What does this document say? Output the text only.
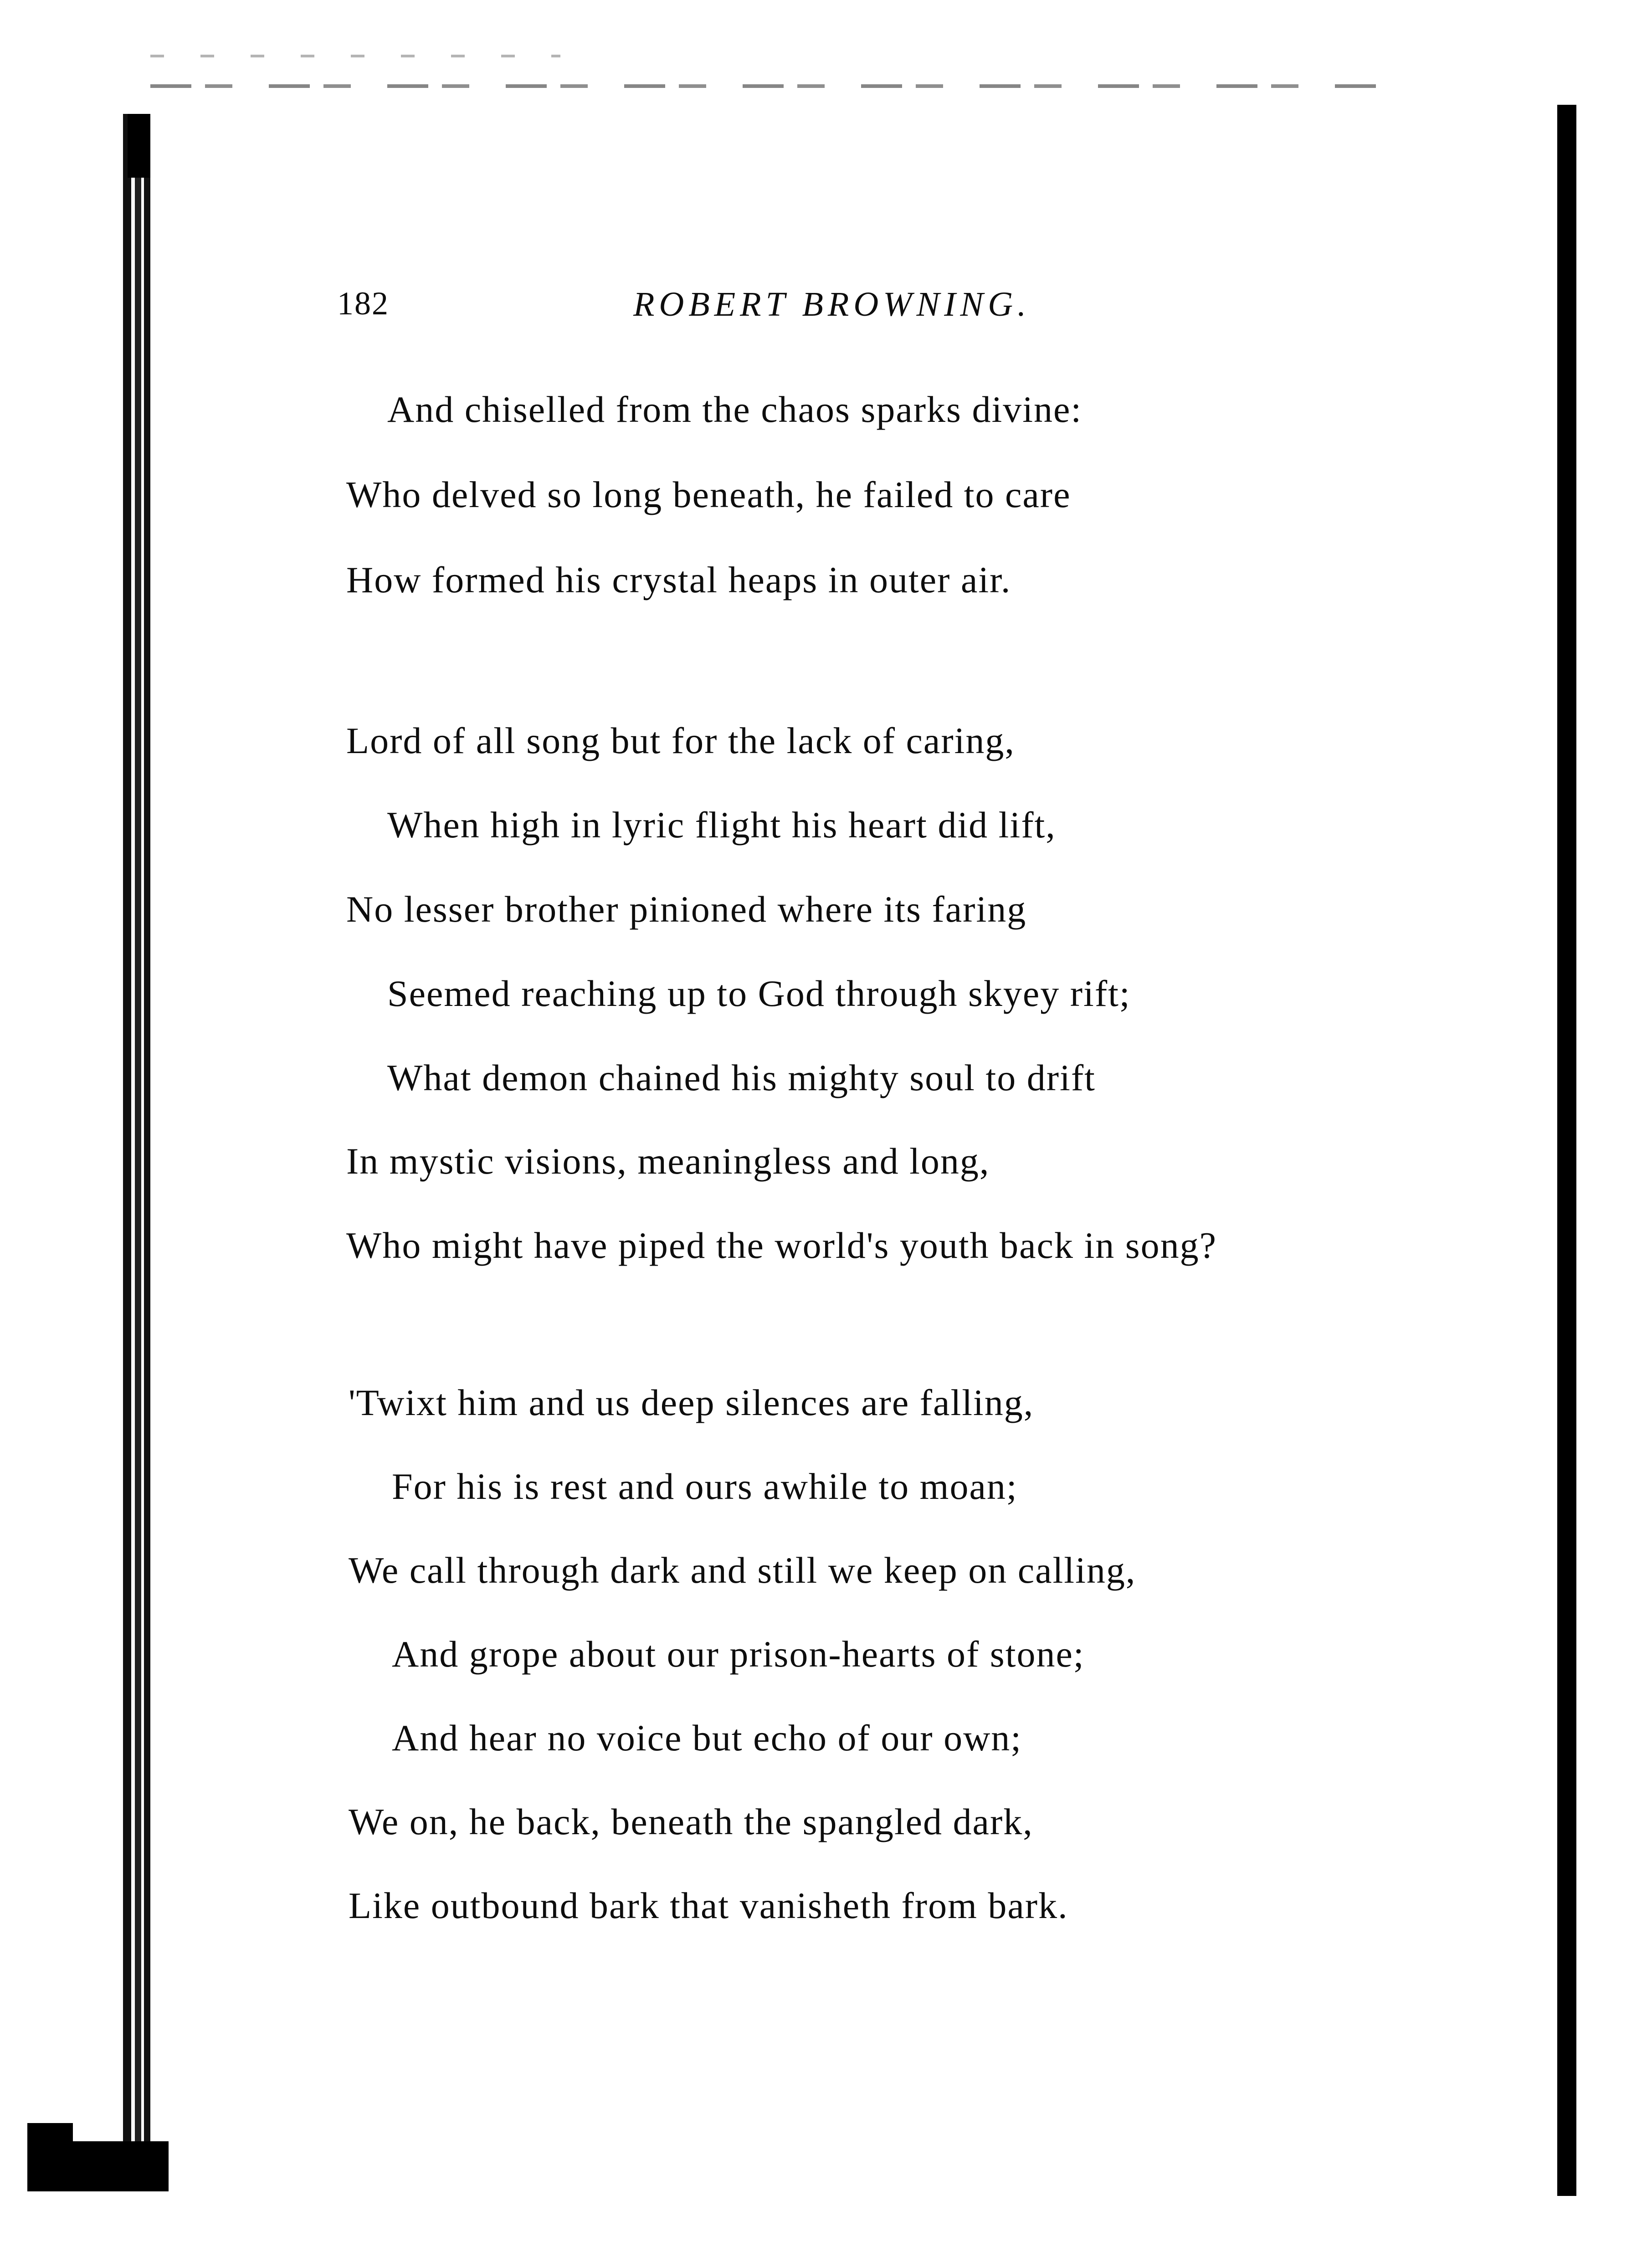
182	ROBERT BROWNING.
And chiselled from the chaos sparks divine:
Who delved so long beneath, he failed to care
How formed his crystal heaps in outer air.
Lord of all song but for the lack of caring,
When high in lyric flight his heart did lift,
No lesser brother pinioned where its faring
Seemed reaching up to God through skyey rift;
What demon chained his mighty soul to drift
In mystic visions, meaningless and long,
Who might have piped the world's youth back in song?
'Twixt him and us deep silences are falling,
For his is rest and ours awhile to moan;
We call through dark and still we keep on calling,
And grope about our prison-hearts of stone;
And hear no voice but echo of our own;
We on, he back, beneath the spangled dark,
Like outbound bark that vanisheth from bark.
